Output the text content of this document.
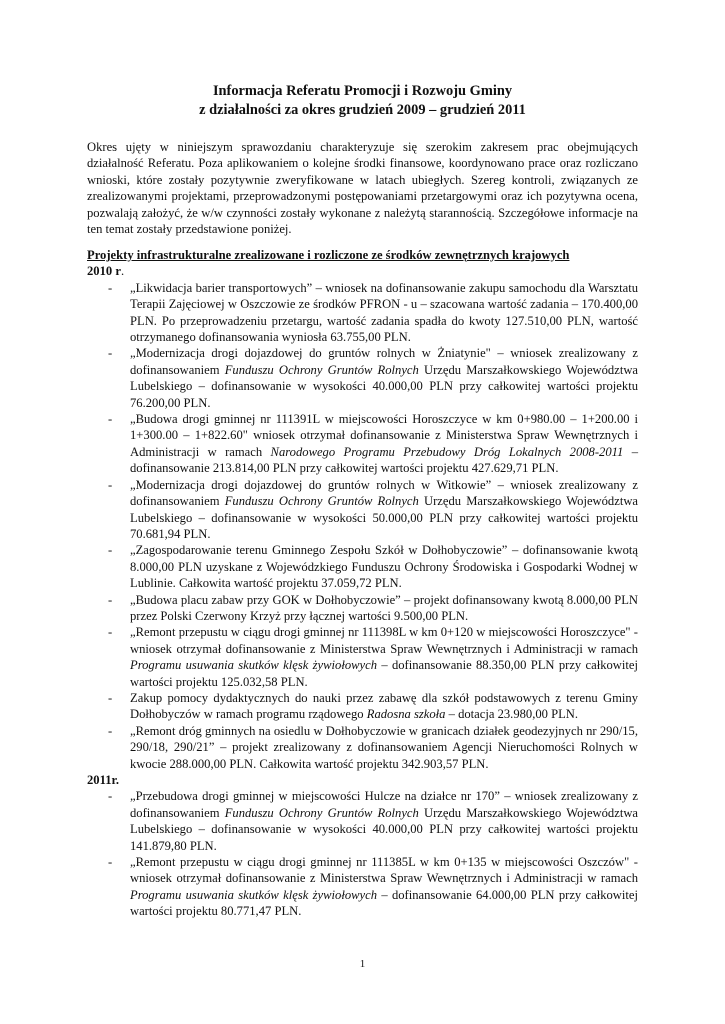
Informacja Referatu Promocji i Rozwoju Gminy
z działalności za okres grudzień 2009 – grudzień 2011

Okres ujęty w niniejszym sprawozdaniu charakteryzuje się szerokim zakresem prac obejmujących działalność Referatu. Poza aplikowaniem o kolejne środki finansowe, koordynowano prace oraz rozliczano wnioski, które zostały pozytywnie zweryfikowane w latach ubiegłych. Szereg kontroli, związanych ze zrealizowanymi projektami, przeprowadzonymi postępowaniami przetargowymi oraz ich pozytywna ocena, pozwalają założyć, że w/w czynności zostały wykonane z należytą starannością. Szczegółowe informacje na ten temat zostały przedstawione poniżej.

Projekty infrastrukturalne zrealizowane i rozliczone ze środków zewnętrznych krajowych
2010 r.
- „Likwidacja barier transportowych” – wniosek na dofinansowanie zakupu samochodu dla Warsztatu Terapii Zajęciowej w Oszczowie ze środków PFRON - u – szacowana wartość zadania – 170.400,00 PLN. Po przeprowadzeniu przetargu, wartość zadania spadła do kwoty 127.510,00 PLN, wartość otrzymanego dofinansowania wyniosła 63.755,00 PLN.
- „Modernizacja drogi dojazdowej do gruntów rolnych w Żniatynie" – wniosek zrealizowany z dofinansowaniem Funduszu Ochrony Gruntów Rolnych Urzędu Marszałkowskiego Województwa Lubelskiego – dofinansowanie w wysokości 40.000,00 PLN przy całkowitej wartości projektu 76.200,00 PLN.
- „Budowa drogi gminnej nr 111391L w miejscowości Horoszczyce w km 0+980.00 – 1+200.00 i 1+300.00 – 1+822.60" wniosek otrzymał dofinansowanie z Ministerstwa Spraw Wewnętrznych i Administracji w ramach Narodowego Programu Przebudowy Dróg Lokalnych 2008-2011 – dofinansowanie 213.814,00 PLN przy całkowitej wartości projektu 427.629,71 PLN.
- „Modernizacja drogi dojazdowej do gruntów rolnych w Witkowie” – wniosek zrealizowany z dofinansowaniem Funduszu Ochrony Gruntów Rolnych Urzędu Marszałkowskiego Województwa Lubelskiego – dofinansowanie w wysokości 50.000,00 PLN przy całkowitej wartości projektu 70.681,94 PLN.
- „Zagospodarowanie terenu Gminnego Zespołu Szkół w Dołhobyczowie” – dofinansowanie kwotą 8.000,00 PLN uzyskane z Wojewódzkiego Funduszu Ochrony Środowiska i Gospodarki Wodnej w Lublinie. Całkowita wartość projektu 37.059,72 PLN.
- „Budowa placu zabaw przy GOK w Dołhobyczowie” – projekt dofinansowany kwotą 8.000,00 PLN przez Polski Czerwony Krzyż przy łącznej wartości 9.500,00 PLN.
- „Remont przepustu w ciągu drogi gminnej nr 111398L w km 0+120 w miejscowości Horoszczyce" - wniosek otrzymał dofinansowanie z Ministerstwa Spraw Wewnętrznych i Administracji w ramach Programu usuwania skutków klęsk żywiołowych – dofinansowanie 88.350,00 PLN przy całkowitej wartości projektu 125.032,58 PLN.
- Zakup pomocy dydaktycznych do nauki przez zabawę dla szkół podstawowych z terenu Gminy Dołhobyczów w ramach programu rządowego Radosna szkoła – dotacja 23.980,00 PLN.
- „Remont dróg gminnych na osiedlu w Dołhobyczowie w granicach działek geodezyjnych nr 290/15, 290/18, 290/21” – projekt zrealizowany z dofinansowaniem Agencji Nieruchomości Rolnych w kwocie 288.000,00 PLN. Całkowita wartość projektu 342.903,57 PLN.
2011r.
- „Przebudowa drogi gminnej w miejscowości Hulcze na działce nr 170” – wniosek zrealizowany z dofinansowaniem Funduszu Ochrony Gruntów Rolnych Urzędu Marszałkowskiego Województwa Lubelskiego – dofinansowanie w wysokości 40.000,00 PLN przy całkowitej wartości projektu 141.879,80 PLN.
- „Remont przepustu w ciągu drogi gminnej nr 111385L w km 0+135 w miejscowości Oszczów" - wniosek otrzymał dofinansowanie z Ministerstwa Spraw Wewnętrznych i Administracji w ramach Programu usuwania skutków klęsk żywiołowych – dofinansowanie 64.000,00 PLN przy całkowitej wartości projektu 80.771,47 PLN.
1
